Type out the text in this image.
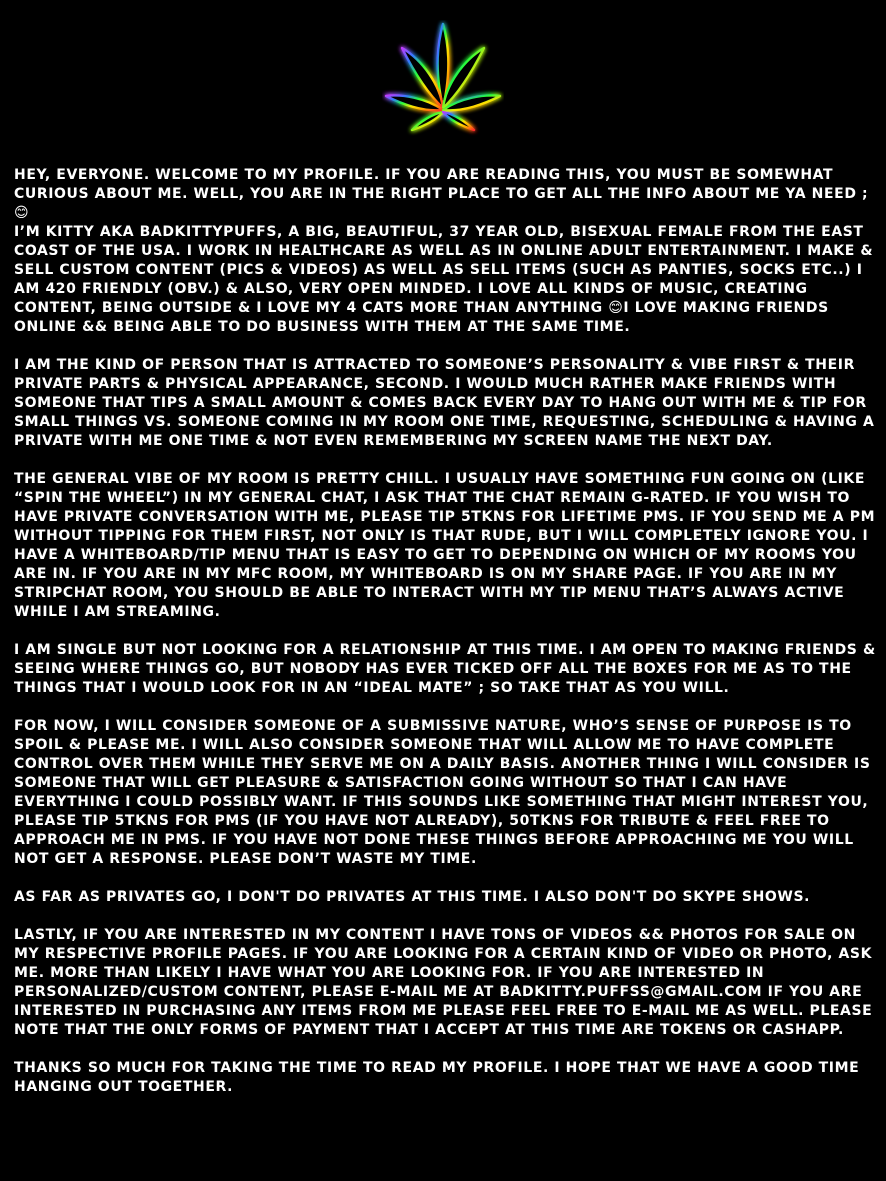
HEY, EVERYONE. WELCOME TO MY PROFILE. IF YOU ARE READING THIS, YOU MUST BE SOMEWHAT CURIOUS ABOUT ME. WELL, YOU ARE IN THE RIGHT PLACE TO GET ALL THE INFO ABOUT ME YA NEED ; 😊

I’M KITTY AKA BADKITTYPUFFS, A BIG, BEAUTIFUL, 37 YEAR OLD, BISEXUAL FEMALE FROM THE EAST COAST OF THE USA. I WORK IN HEALTHCARE AS WELL AS IN ONLINE ADULT ENTERTAINMENT. I MAKE & SELL CUSTOM CONTENT (PICS & VIDEOS) AS WELL AS SELL ITEMS (SUCH AS PANTIES, SOCKS ETC..) I AM 420 FRIENDLY (OBV.) & ALSO, VERY OPEN MINDED. I LOVE ALL KINDS OF MUSIC, CREATING CONTENT, BEING OUTSIDE & I LOVE MY 4 CATS MORE THAN ANYTHING 😊I LOVE MAKING FRIENDS ONLINE && BEING ABLE TO DO BUSINESS WITH THEM AT THE SAME TIME.

I AM THE KIND OF PERSON THAT IS ATTRACTED TO SOMEONE’S PERSONALITY & VIBE FIRST & THEIR PRIVATE PARTS & PHYSICAL APPEARANCE, SECOND. I WOULD MUCH RATHER MAKE FRIENDS WITH SOMEONE THAT TIPS A SMALL AMOUNT & COMES BACK EVERY DAY TO HANG OUT WITH ME & TIP FOR SMALL THINGS VS. SOMEONE COMING IN MY ROOM ONE TIME, REQUESTING, SCHEDULING & HAVING A PRIVATE WITH ME ONE TIME & NOT EVEN REMEMBERING MY SCREEN NAME THE NEXT DAY.

THE GENERAL VIBE OF MY ROOM IS PRETTY CHILL. I USUALLY HAVE SOMETHING FUN GOING ON (LIKE “SPIN THE WHEEL”) IN MY GENERAL CHAT, I ASK THAT THE CHAT REMAIN G-RATED. IF YOU WISH TO HAVE PRIVATE CONVERSATION WITH ME, PLEASE TIP 5TKNS FOR LIFETIME PMS. IF YOU SEND ME A PM WITHOUT TIPPING FOR THEM FIRST, NOT ONLY IS THAT RUDE, BUT I WILL COMPLETELY IGNORE YOU. I HAVE A WHITEBOARD/TIP MENU THAT IS EASY TO GET TO DEPENDING ON WHICH OF MY ROOMS YOU ARE IN. IF YOU ARE IN MY MFC ROOM, MY WHITEBOARD IS ON MY SHARE PAGE. IF YOU ARE IN MY STRIPCHAT ROOM, YOU SHOULD BE ABLE TO INTERACT WITH MY TIP MENU THAT’S ALWAYS ACTIVE WHILE I AM STREAMING.

I AM SINGLE BUT NOT LOOKING FOR A RELATIONSHIP AT THIS TIME. I AM OPEN TO MAKING FRIENDS & SEEING WHERE THINGS GO, BUT NOBODY HAS EVER TICKED OFF ALL THE BOXES FOR ME AS TO THE THINGS THAT I WOULD LOOK FOR IN AN “IDEAL MATE” ; SO TAKE THAT AS YOU WILL.

FOR NOW, I WILL CONSIDER SOMEONE OF A SUBMISSIVE NATURE, WHO’S SENSE OF PURPOSE IS TO SPOIL & PLEASE ME. I WILL ALSO CONSIDER SOMEONE THAT WILL ALLOW ME TO HAVE COMPLETE CONTROL OVER THEM WHILE THEY SERVE ME ON A DAILY BASIS. ANOTHER THING I WILL CONSIDER IS SOMEONE THAT WILL GET PLEASURE & SATISFACTION GOING WITHOUT SO THAT I CAN HAVE EVERYTHING I COULD POSSIBLY WANT. IF THIS SOUNDS LIKE SOMETHING THAT MIGHT INTEREST YOU, PLEASE TIP 5TKNS FOR PMS (IF YOU HAVE NOT ALREADY), 50TKNS FOR TRIBUTE & FEEL FREE TO APPROACH ME IN PMS. IF YOU HAVE NOT DONE THESE THINGS BEFORE APPROACHING ME YOU WILL NOT GET A RESPONSE. PLEASE DON’T WASTE MY TIME.

AS FAR AS PRIVATES GO, I DON'T DO PRIVATES AT THIS TIME. I ALSO DON'T DO SKYPE SHOWS.

LASTLY, IF YOU ARE INTERESTED IN MY CONTENT I HAVE TONS OF VIDEOS && PHOTOS FOR SALE ON MY RESPECTIVE PROFILE PAGES. IF YOU ARE LOOKING FOR A CERTAIN KIND OF VIDEO OR PHOTO, ASK ME. MORE THAN LIKELY I HAVE WHAT YOU ARE LOOKING FOR. IF YOU ARE INTERESTED IN PERSONALIZED/CUSTOM CONTENT, PLEASE E-MAIL ME AT BADKITTY.PUFFSS@GMAIL.COM IF YOU ARE INTERESTED IN PURCHASING ANY ITEMS FROM ME PLEASE FEEL FREE TO E-MAIL ME AS WELL. PLEASE NOTE THAT THE ONLY FORMS OF PAYMENT THAT I ACCEPT AT THIS TIME ARE TOKENS OR CASHAPP.

THANKS SO MUCH FOR TAKING THE TIME TO READ MY PROFILE. I HOPE THAT WE HAVE A GOOD TIME HANGING OUT TOGETHER.
